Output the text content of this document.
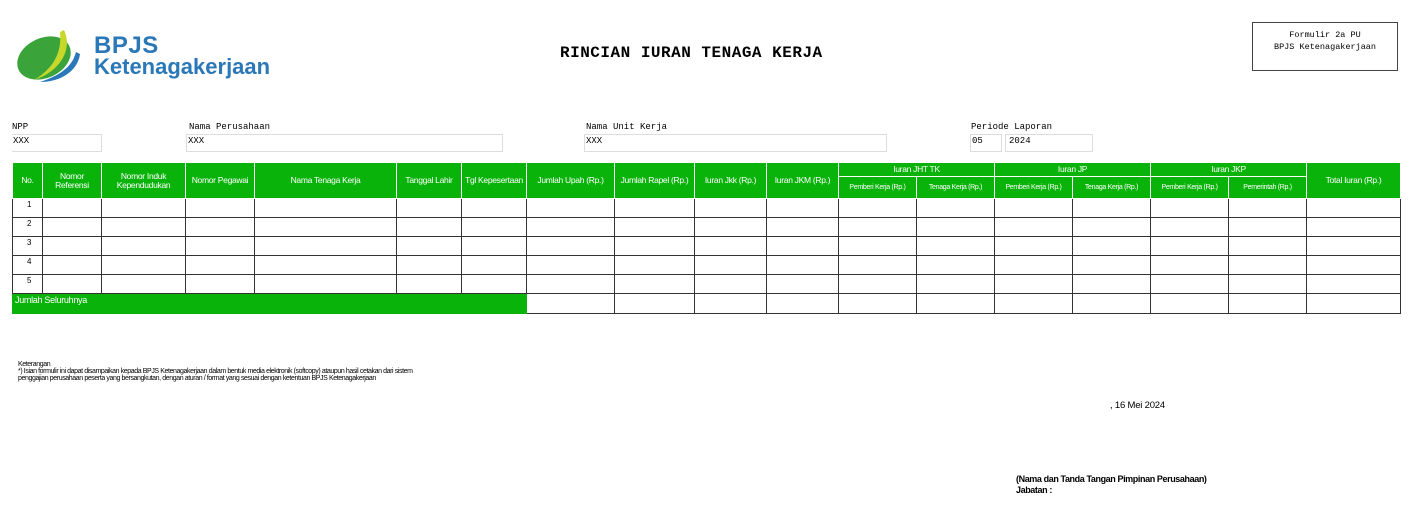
BPJS
Ketenagakerjaan
RINCIAN IURAN TENAGA KERJA
Formulir 2a PU
BPJS Ketenagakerjaan
NPP
XXX
Nama Perusahaan
XXX
Nama Unit Kerja
XXX
Periode Laporan
05	2024
No.	Nomor Referensi	Nomor Induk Kependudukan	Nomor Pegawai	Nama Tenaga Kerja	Tanggal Lahir	Tgl Kepesertaan	Jumlah Upah (Rp.)	Jumlah Rapel (Rp.)	Iuran Jkk (Rp.)	Iuran JKM (Rp.)	Iuran JHT TK		Iuran JP		Iuran JKP		Total Iuran (Rp.)
											Pemberi Kerja (Rp.)	Tenaga Kerja (Rp.)	Pemberi Kerja (Rp.)	Tenaga Kerja (Rp.)	Pemberi Kerja (Rp.)	Pemerintah (Rp.)	
1																	
2																	
3																	
4																	
5																	
Jumlah Seluruhnya																	
Keterangan
*) Isian formulir ini dapat disampaikan kepada BPJS Ketenagakerjaan dalam bentuk media elektronik (softcopy) ataupun hasil cetakan dari sistem
penggajian perusahaan peserta yang bersangkutan, dengan aturan / format yang sesuai dengan ketentuan BPJS Ketenagakerjaan
, 16 Mei 2024
(Nama dan Tanda Tangan Pimpinan Perusahaan)
Jabatan :
